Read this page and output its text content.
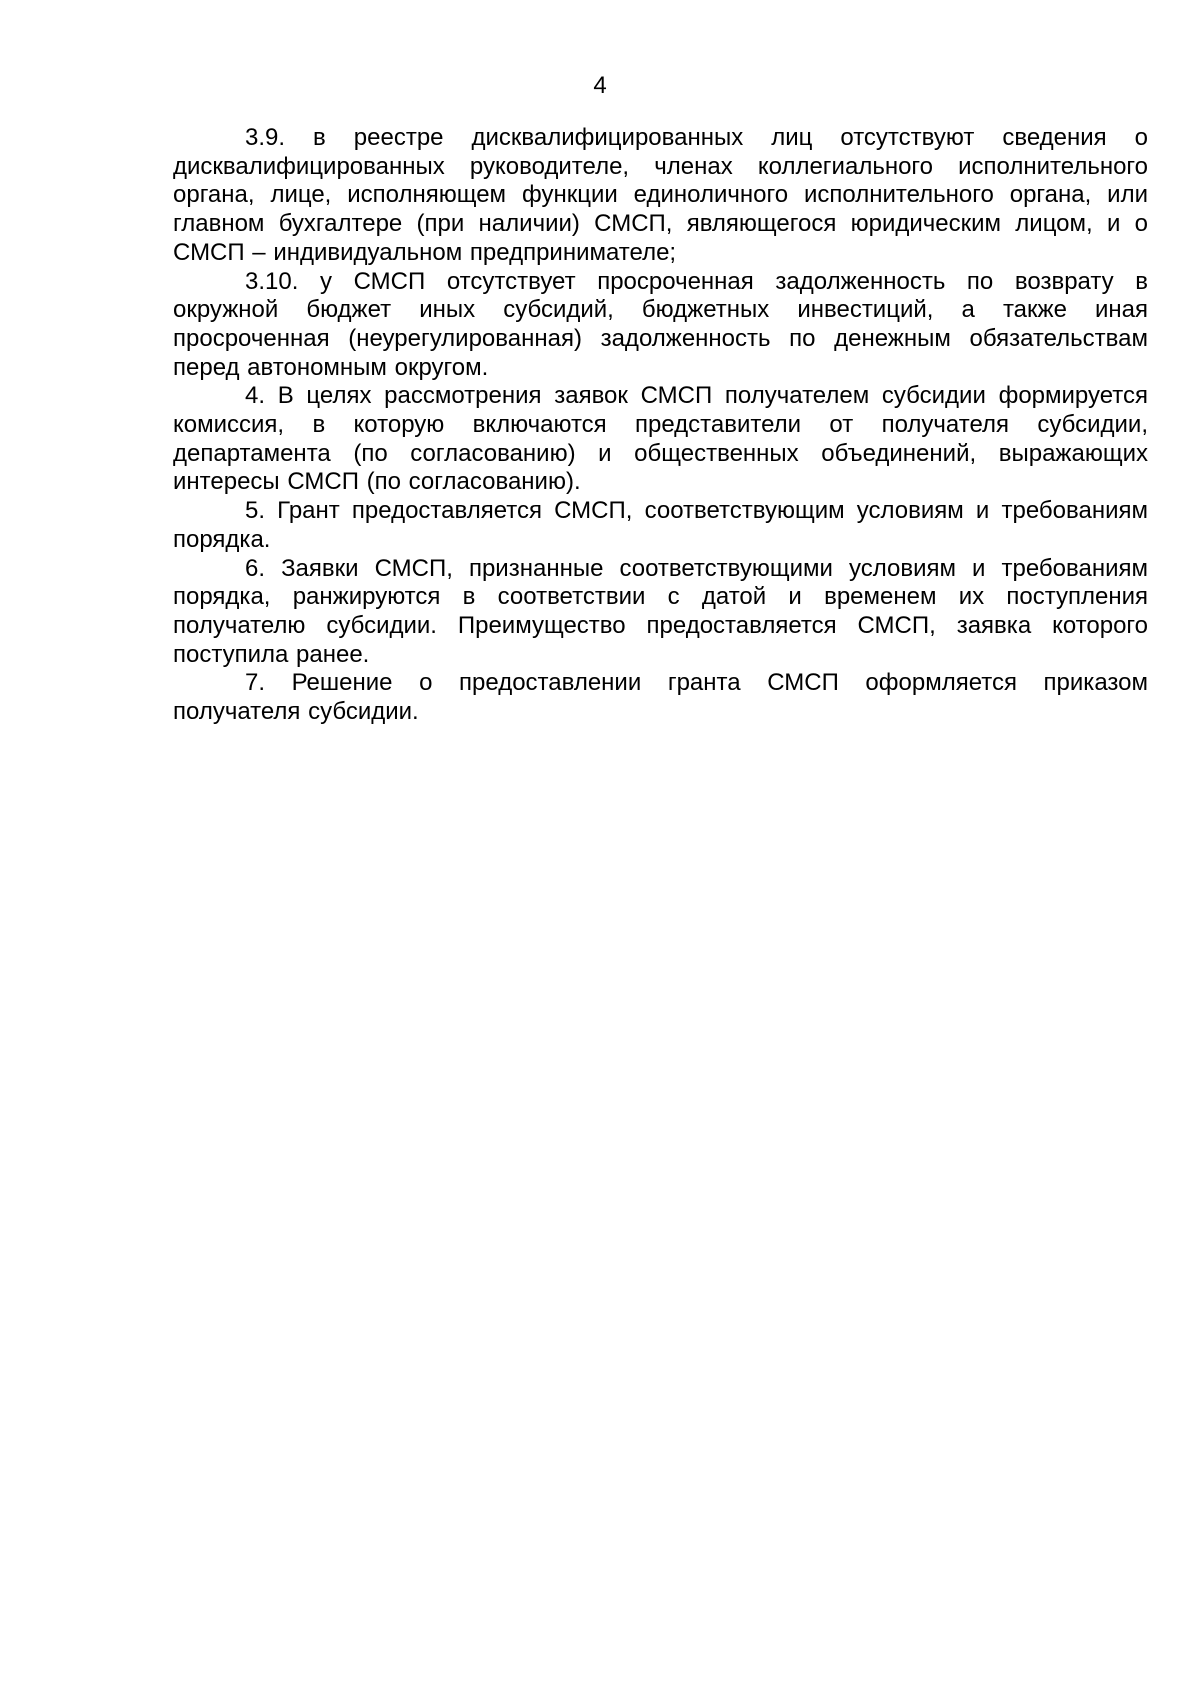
4

3.9. в реестре дисквалифицированных лиц отсутствуют сведения о дисквалифицированных руководителе, членах коллегиального исполнительного органа, лице, исполняющем функции единоличного исполнительного органа, или главном бухгалтере (при наличии) СМСП, являющегося юридическим лицом, и о СМСП – индивидуальном предпринимателе;

3.10. у СМСП отсутствует просроченная задолженность по возврату в окружной бюджет иных субсидий, бюджетных инвестиций, а также иная просроченная (неурегулированная) задолженность по денежным обязательствам перед автономным округом.

4. В целях рассмотрения заявок СМСП получателем субсидии формируется комиссия, в которую включаются представители от получателя субсидии, департамента (по согласованию) и общественных объединений, выражающих интересы СМСП (по согласованию).

5. Грант предоставляется СМСП, соответствующим условиям и требованиям порядка.

6. Заявки СМСП, признанные соответствующими условиям и требованиям порядка, ранжируются в соответствии с датой и временем их поступления получателю субсидии. Преимущество предоставляется СМСП, заявка которого поступила ранее.

7. Решение о предоставлении гранта СМСП оформляется приказом получателя субсидии.
